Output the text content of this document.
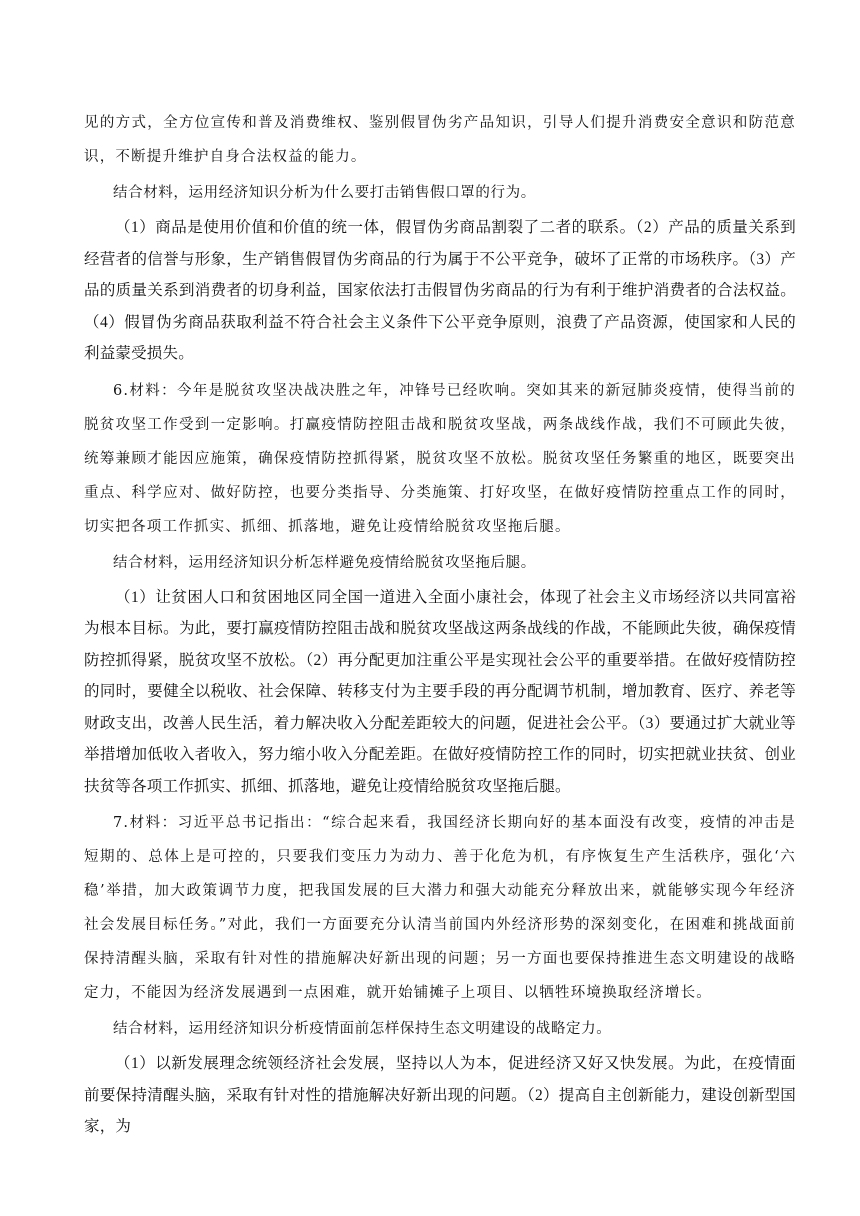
见的方式，全方位宣传和普及消费维权、鉴别假冒伪劣产品知识，引导人们提升消费安全意识和防范意识，不断提升维护自身合法权益的能力。

结合材料，运用经济知识分析为什么要打击销售假口罩的行为。

（1）商品是使用价值和价值的统一体，假冒伪劣商品割裂了二者的联系。（2）产品的质量关系到经营者的信誉与形象，生产销售假冒伪劣商品的行为属于不公平竞争，破坏了正常的市场秩序。（3）产品的质量关系到消费者的切身利益，国家依法打击假冒伪劣商品的行为有利于维护消费者的合法权益。（4）假冒伪劣商品获取利益不符合社会主义条件下公平竞争原则，浪费了产品资源，使国家和人民的利益蒙受损失。

6.材料：今年是脱贫攻坚决战决胜之年，冲锋号已经吹响。突如其来的新冠肺炎疫情，使得当前的脱贫攻坚工作受到一定影响。打赢疫情防控阻击战和脱贫攻坚战，两条战线作战，我们不可顾此失彼，统筹兼顾才能因应施策，确保疫情防控抓得紧，脱贫攻坚不放松。脱贫攻坚任务繁重的地区，既要突出重点、科学应对、做好防控，也要分类指导、分类施策、打好攻坚，在做好疫情防控重点工作的同时，切实把各项工作抓实、抓细、抓落地，避免让疫情给脱贫攻坚拖后腿。

结合材料，运用经济知识分析怎样避免疫情给脱贫攻坚拖后腿。

（1）让贫困人口和贫困地区同全国一道进入全面小康社会，体现了社会主义市场经济以共同富裕为根本目标。为此，要打赢疫情防控阻击战和脱贫攻坚战这两条战线的作战，不能顾此失彼，确保疫情防控抓得紧，脱贫攻坚不放松。（2）再分配更加注重公平是实现社会公平的重要举措。在做好疫情防控的同时，要健全以税收、社会保障、转移支付为主要手段的再分配调节机制，增加教育、医疗、养老等财政支出，改善人民生活，着力解决收入分配差距较大的问题，促进社会公平。（3）要通过扩大就业等举措增加低收入者收入，努力缩小收入分配差距。在做好疫情防控工作的同时，切实把就业扶贫、创业扶贫等各项工作抓实、抓细、抓落地，避免让疫情给脱贫攻坚拖后腿。

7.材料：习近平总书记指出：“综合起来看，我国经济长期向好的基本面没有改变，疫情的冲击是短期的、总体上是可控的，只要我们变压力为动力、善于化危为机，有序恢复生产生活秩序，强化‘六稳’举措，加大政策调节力度，把我国发展的巨大潜力和强大动能充分释放出来，就能够实现今年经济社会发展目标任务。”对此，我们一方面要充分认清当前国内外经济形势的深刻变化，在困难和挑战面前保持清醒头脑，采取有针对性的措施解决好新出现的问题；另一方面也要保持推进生态文明建设的战略定力，不能因为经济发展遇到一点困难，就开始铺摊子上项目、以牺牲环境换取经济增长。

结合材料，运用经济知识分析疫情面前怎样保持生态文明建设的战略定力。

（1）以新发展理念统领经济社会发展，坚持以人为本，促进经济又好又快发展。为此，在疫情面前要保持清醒头脑，采取有针对性的措施解决好新出现的问题。（2）提高自主创新能力，建设创新型国家，为
